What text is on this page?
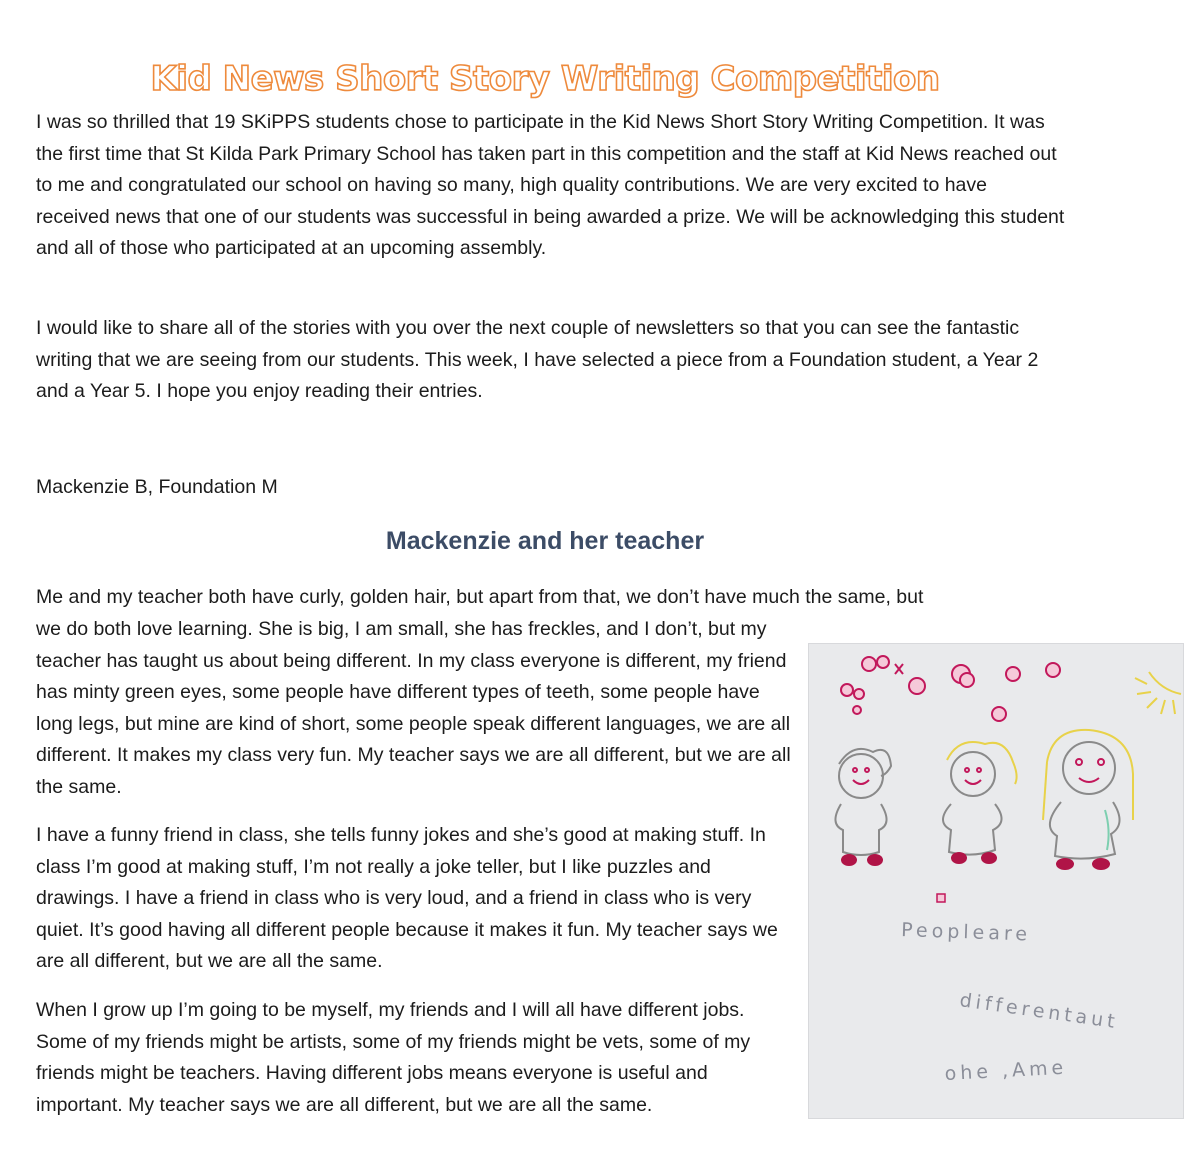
Kid News Short Story Writing Competition

I was so thrilled that 19 SKiPPS students chose to participate in the Kid News Short Story Writing Competition. It was the first time that St Kilda Park Primary School has taken part in this competition and the staff at Kid News reached out to me and congratulated our school on having so many, high quality contributions. We are very excited to have received news that one of our students was successful in being awarded a prize. We will be acknowledging this student and all of those who participated at an upcoming assembly.

I would like to share all of the stories with you over the next couple of newsletters so that you can see the fantastic writing that we are seeing from our students. This week, I have selected a piece from a Foundation student, a Year 2 and a Year 5. I hope you enjoy reading their entries.

Mackenzie B, Foundation M

Mackenzie and her teacher

Me and my teacher both have curly, golden hair, but apart from that, we don’t have much the same, but

we do both love learning. She is big, I am small, she has freckles, and I don’t, but my teacher has taught us about being different. In my class everyone is different, my friend has minty green eyes, some people have different types of teeth, some people have long legs, but mine are kind of short, some people speak different languages, we are all different. It makes my class very fun. My teacher says we are all different, but we are all the same.

I have a funny friend in class, she tells funny jokes and she’s good at making stuff. In class I’m good at making stuff, I’m not really a joke teller, but I like puzzles and drawings. I have a friend in class who is very loud, and a friend in class who is very quiet. It’s good having all different people because it makes it fun. My teacher says we are all different, but we are all the same.

When I grow up I’m going to be myself, my friends and I will all have different jobs. Some of my friends might be artists, some of my friends might be vets, some of my friends might be teachers. Having different jobs means everyone is useful and important. My teacher says we are all different, but we are all the same.

Peopleare
differentaut
ohe ,Ame
